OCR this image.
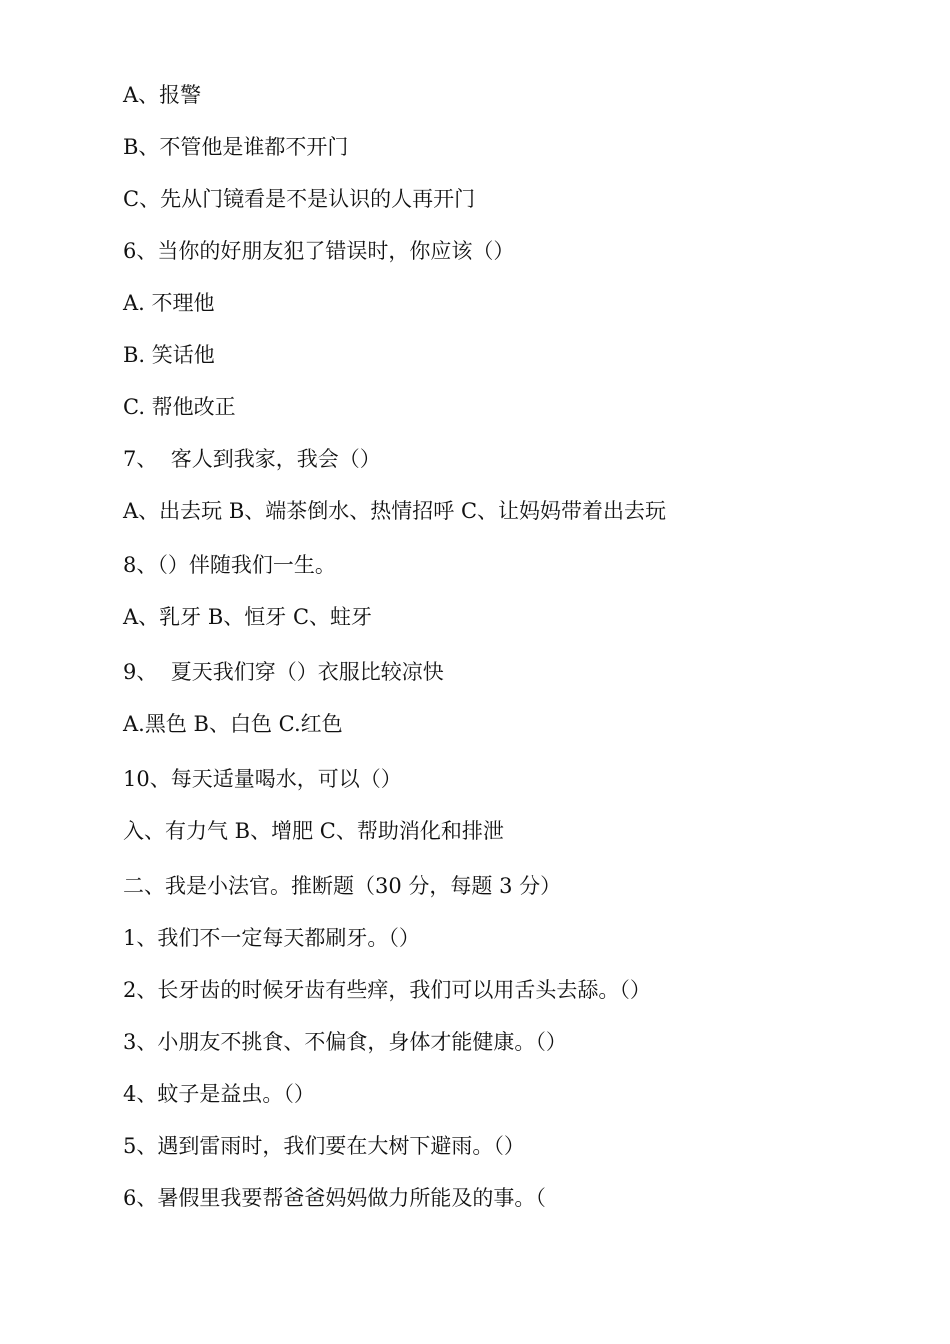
A、报警
B、不管他是谁都不开门
C、先从门镜看是不是认识的人再开门
6、当你的好朋友犯了错误时，你应该（）
A. 不理他
B. 笑话他
C. 帮他改正
7、  客人到我家，我会（）
A、出去玩 B、端茶倒水、热情招呼 C、让妈妈带着出去玩
8、（）伴随我们一生。
A、乳牙 B、恒牙 C、蛀牙
9、  夏天我们穿（）衣服比较凉快
A.黑色 B、白色 C.红色
10、每天适量喝水，可以（）
入、有力气 B、增肥 C、帮助消化和排泄
二、我是小法官。推断题（30 分，每题 3 分）
1、我们不一定每天都刷牙。（）
2、长牙齿的时候牙齿有些痒，我们可以用舌头去舔。（）
3、小朋友不挑食、不偏食，身体才能健康。（）
4、蚊子是益虫。（）
5、遇到雷雨时，我们要在大树下避雨。（）
6、暑假里我要帮爸爸妈妈做力所能及的事。（
